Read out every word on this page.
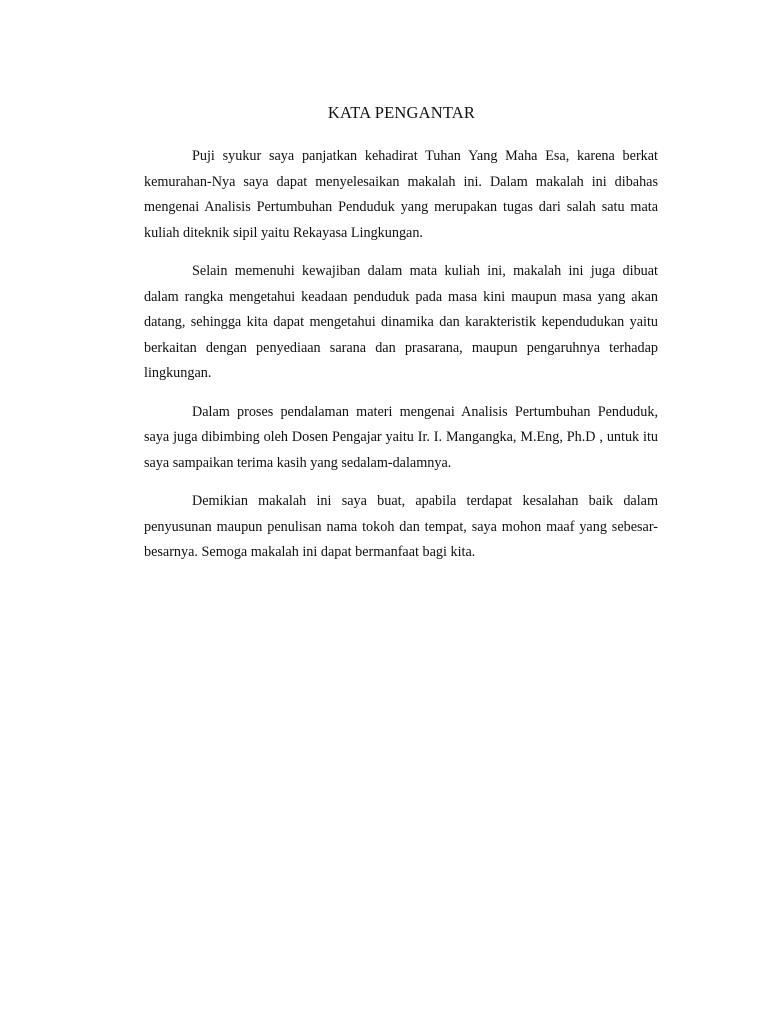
KATA PENGANTAR

Puji syukur saya panjatkan kehadirat Tuhan Yang Maha Esa, karena berkat kemurahan-Nya saya dapat menyelesaikan makalah ini. Dalam makalah ini dibahas mengenai Analisis Pertumbuhan Penduduk yang merupakan tugas dari salah satu mata kuliah diteknik sipil yaitu Rekayasa Lingkungan.

Selain memenuhi kewajiban dalam mata kuliah ini, makalah ini juga dibuat dalam rangka mengetahui keadaan penduduk pada masa kini maupun masa yang akan datang, sehingga kita dapat mengetahui dinamika dan karakteristik kependudukan yaitu berkaitan dengan penyediaan sarana dan prasarana, maupun pengaruhnya terhadap lingkungan.

Dalam proses pendalaman materi mengenai Analisis Pertumbuhan Penduduk, saya juga dibimbing oleh Dosen Pengajar yaitu Ir. I. Mangangka, M.Eng, Ph.D , untuk itu saya sampaikan terima kasih yang sedalam-dalamnya.

Demikian makalah ini saya buat, apabila terdapat kesalahan baik dalam penyusunan maupun penulisan nama tokoh dan tempat, saya mohon maaf yang sebesar-besarnya. Semoga makalah ini dapat bermanfaat bagi kita.
